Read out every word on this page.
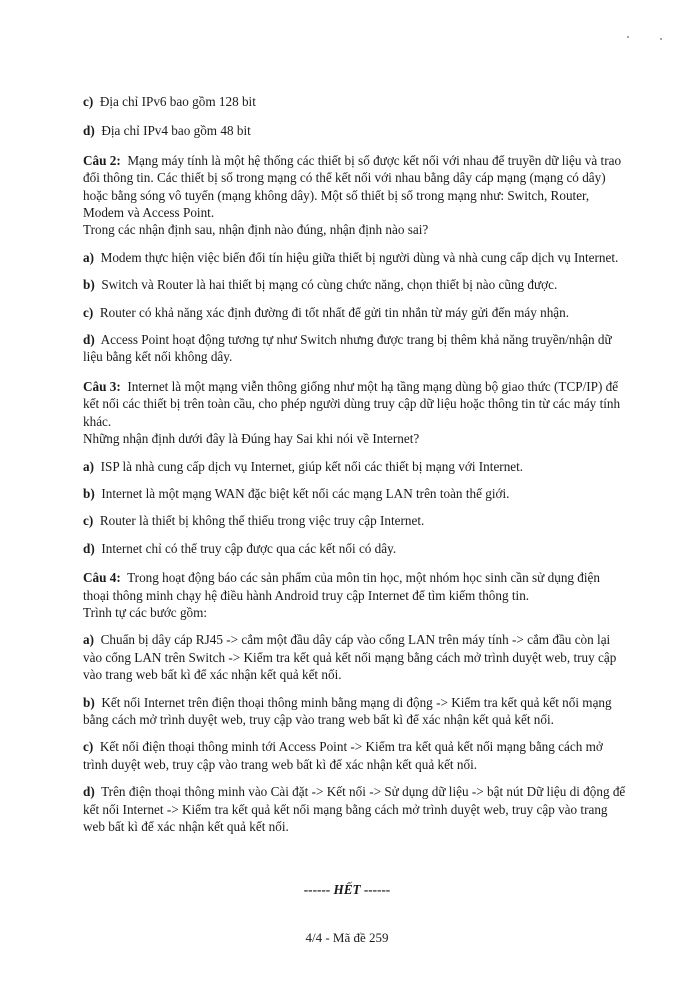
c) Địa chỉ IPv6 bao gồm 128 bit

d) Địa chỉ IPv4 bao gồm 48 bit

Câu 2: Mạng máy tính là một hệ thống các thiết bị số được kết nối với nhau để truyền dữ liệu và trao đổi thông tin. Các thiết bị số trong mạng có thể kết nối với nhau bằng dây cáp mạng (mạng có dây) hoặc bằng sóng vô tuyến (mạng không dây). Một số thiết bị số trong mạng như: Switch, Router, Modem và Access Point.

Trong các nhận định sau, nhận định nào đúng, nhận định nào sai?

a) Modem thực hiện việc biến đổi tín hiệu giữa thiết bị người dùng và nhà cung cấp dịch vụ Internet.

b) Switch và Router là hai thiết bị mạng có cùng chức năng, chọn thiết bị nào cũng được.

c) Router có khả năng xác định đường đi tốt nhất để gửi tin nhắn từ máy gửi đến máy nhận.

d) Access Point hoạt động tương tự như Switch nhưng được trang bị thêm khả năng truyền/nhận dữ liệu bằng kết nối không dây.

Câu 3: Internet là một mạng viễn thông giống như một hạ tầng mạng dùng bộ giao thức (TCP/IP) để kết nối các thiết bị trên toàn cầu, cho phép người dùng truy cập dữ liệu hoặc thông tin từ các máy tính khác.

Những nhận định dưới đây là Đúng hay Sai khi nói về Internet?

a) ISP là nhà cung cấp dịch vụ Internet, giúp kết nối các thiết bị mạng với Internet.

b) Internet là một mạng WAN đặc biệt kết nối các mạng LAN trên toàn thế giới.

c) Router là thiết bị không thể thiếu trong việc truy cập Internet.

d) Internet chỉ có thể truy cập được qua các kết nối có dây.

Câu 4: Trong hoạt động báo các sản phẩm của môn tin học, một nhóm học sinh cần sử dụng điện thoại thông minh chạy hệ điều hành Android truy cập Internet để tìm kiếm thông tin.

Trình tự các bước gồm:

a) Chuẩn bị dây cáp RJ45 -> cắm một đầu dây cáp vào cổng LAN trên máy tính -> cắm đầu còn lại vào cổng LAN trên Switch -> Kiểm tra kết quả kết nối mạng bằng cách mở trình duyệt web, truy cập vào trang web bất kì để xác nhận kết quả kết nối.

b) Kết nối Internet trên điện thoại thông minh bằng mạng di động -> Kiểm tra kết quả kết nối mạng bằng cách mở trình duyệt web, truy cập vào trang web bất kì để xác nhận kết quả kết nối.

c) Kết nối điện thoại thông minh tới Access Point -> Kiểm tra kết quả kết nối mạng bằng cách mở trình duyệt web, truy cập vào trang web bất kì để xác nhận kết quả kết nối.

d) Trên điện thoại thông minh vào Cài đặt -> Kết nối -> Sử dụng dữ liệu -> bật nút Dữ liệu di động để kết nối Internet -> Kiểm tra kết quả kết nối mạng bằng cách mở trình duyệt web, truy cập vào trang web bất kì để xác nhận kết quả kết nối.

------ HẾT ------
4/4 - Mã đề 259
